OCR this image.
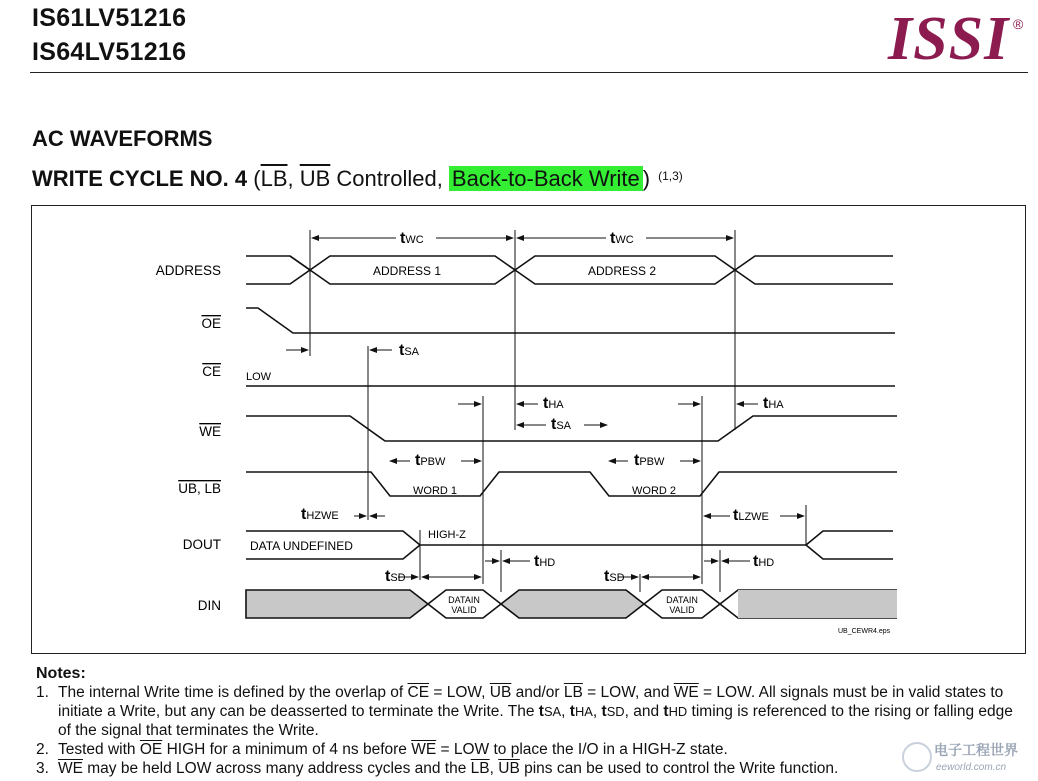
IS61LV51216
IS64LV51216	ISSI ®
AC WAVEFORMS
WRITE CYCLE NO. 4 ($\overline{LB}$, $\overline{UB}$ Controlled, Back-to-Back Write ) $^{(1,3)}$
ADDRESS
OE
CE
WE
UB, LB
DOUT
DIN
ADDRESS 1	ADDRESS 2
LOW
WORD 1	WORD 2
DATA UNDEFINED
HIGH-Z
DATAIN
VALID
DATAIN
VALID
UB_CEWR4.eps
tWC	tWC
tSA
tHA
tSA
tHA
tPBW	tPBW
tHZWE	tLZWE
tSD
tHD
tSD
tHD
Notes:
1. The internal Write time is defined by the overlap of $\overline{CE}$ = LOW, $\overline{UB}$ and/or $\overline{LB}$ = LOW, and $\overline{WE}$ = LOW. All signals must be in valid states to initiate a Write, but any can be deasserted to terminate the Write. The tSA, tHA, tSD, and tHD timing is referenced to the rising or falling edge of the signal that terminates the Write.
2. Tested with $\overline{OE}$ HIGH for a minimum of 4 ns before $\overline{WE}$ = LOW to place the I/O in a HIGH-Z state.
3. $\overline{WE}$ may be held LOW across many address cycles and the $\overline{LB}$, $\overline{UB}$ pins can be used to control the Write function.
电子工程世界
eeworld.com.cn
